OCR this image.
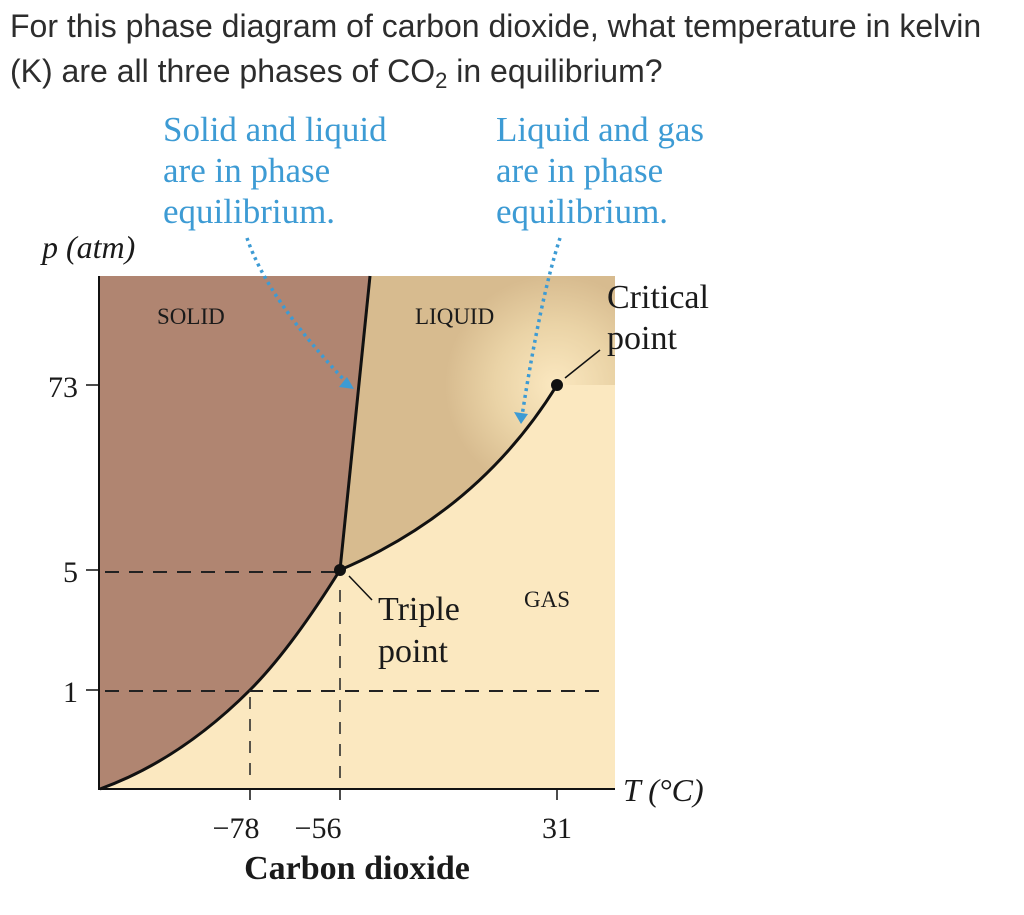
For this phase diagram of carbon dioxide, what temperature in kelvin (K) are all three phases of $CO_2$ in equilibrium?
SOLID	LIQUID
GAS
Solid and liquid are in phase equilibrium.
Liquid and gas are in phase equilibrium.
Critical point
Triple point
p (atm)
T (°C)
73
5
1
−78 −56	31
Carbon dioxide
